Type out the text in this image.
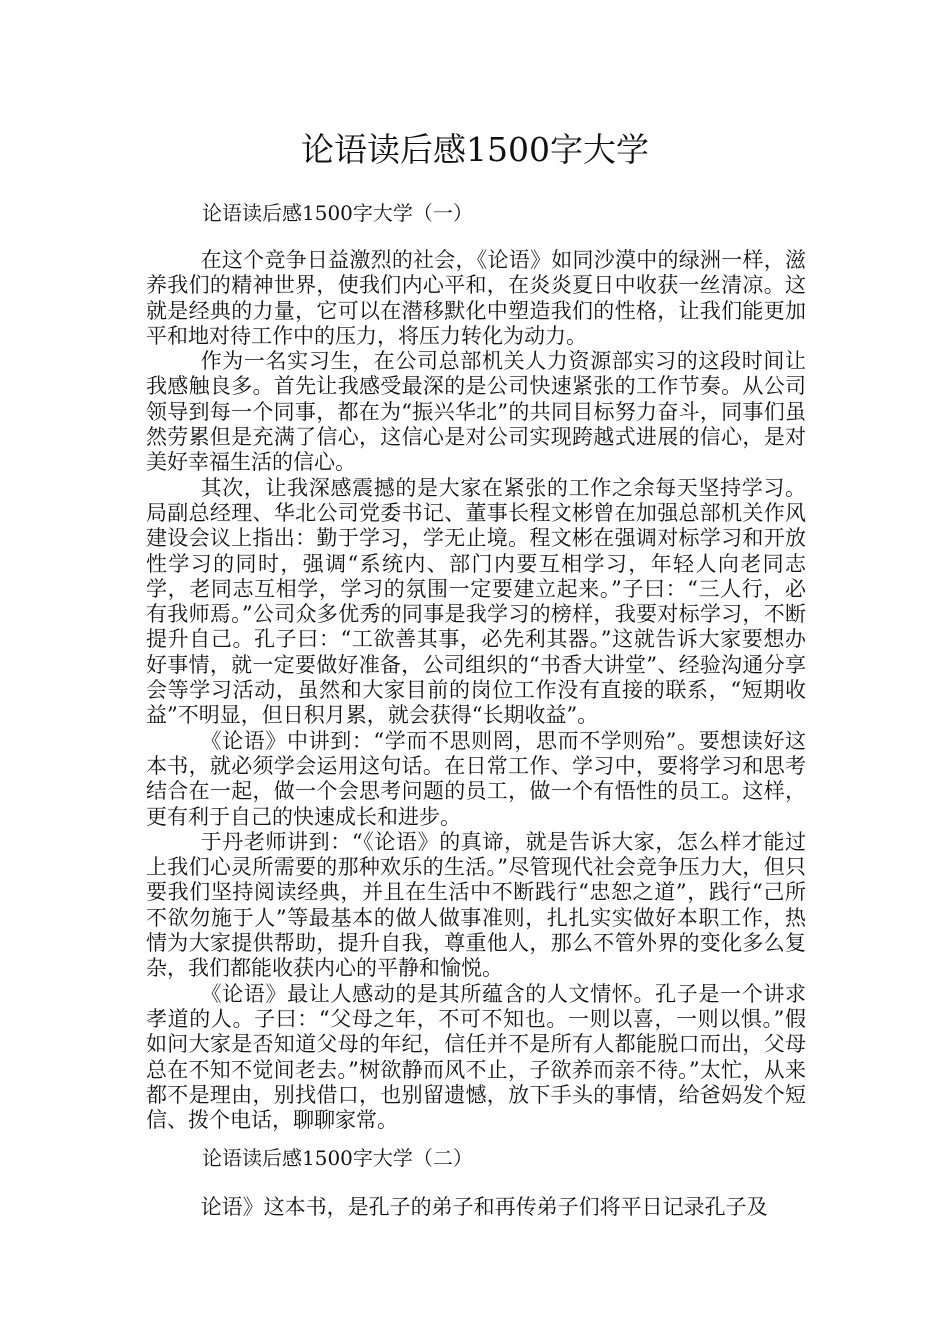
论语读后感1500字大学
论语读后感1500字大学（一）

在这个竞争日益激烈的社会，《论语》如同沙漠中的绿洲一样，滋养我们的精神世界，使我们内心平和，在炎炎夏日中收获一丝清凉。这就是经典的力量，它可以在潜移默化中塑造我们的性格，让我们能更加平和地对待工作中的压力，将压力转化为动力。

作为一名实习生，在公司总部机关人力资源部实习的这段时间让我感触良多。首先让我感受最深的是公司快速紧张的工作节奏。从公司领导到每一个同事，都在为“振兴华北”的共同目标努力奋斗，同事们虽然劳累但是充满了信心，这信心是对公司实现跨越式进展的信心，是对美好幸福生活的信心。

其次，让我深感震撼的是大家在紧张的工作之余每天坚持学习。局副总经理、华北公司党委书记、董事长程文彬曾在加强总部机关作风建设会议上指出：勤于学习，学无止境。程文彬在强调对标学习和开放性学习的同时，强调“系统内、部门内要互相学习，年轻人向老同志学，老同志互相学，学习的氛围一定要建立起来。”子曰：“三人行，必有我师焉。”公司众多优秀的同事是我学习的榜样，我要对标学习，不断提升自己。孔子曰：“工欲善其事，必先利其器。”这就告诉大家要想办好事情，就一定要做好准备，公司组织的“书香大讲堂”、经验沟通分享会等学习活动，虽然和大家目前的岗位工作没有直接的联系，“短期收益”不明显，但日积月累，就会获得“长期收益”。

《论语》中讲到：“学而不思则罔，思而不学则殆”。要想读好这本书，就必须学会运用这句话。在日常工作、学习中，要将学习和思考结合在一起，做一个会思考问题的员工，做一个有悟性的员工。这样，更有利于自己的快速成长和进步。

于丹老师讲到：“《论语》的真谛，就是告诉大家，怎么样才能过上我们心灵所需要的那种欢乐的生活。”尽管现代社会竞争压力大，但只要我们坚持阅读经典，并且在生活中不断践行“忠恕之道”，践行“己所不欲勿施于人”等最基本的做人做事准则，扎扎实实做好本职工作，热情为大家提供帮助，提升自我，尊重他人，那么不管外界的变化多么复杂，我们都能收获内心的平静和愉悦。

《论语》最让人感动的是其所蕴含的人文情怀。孔子是一个讲求孝道的人。子曰：“父母之年，不可不知也。一则以喜，一则以惧。”假如问大家是否知道父母的年纪，信任并不是所有人都能脱口而出，父母总在不知不觉间老去。”树欲静而风不止，子欲养而亲不待。”太忙，从来都不是理由，别找借口，也别留遗憾，放下手头的事情，给爸妈发个短信、拨个电话，聊聊家常。

论语读后感1500字大学（二）

论语》这本书，是孔子的弟子和再传弟子们将平日记录孔子及
